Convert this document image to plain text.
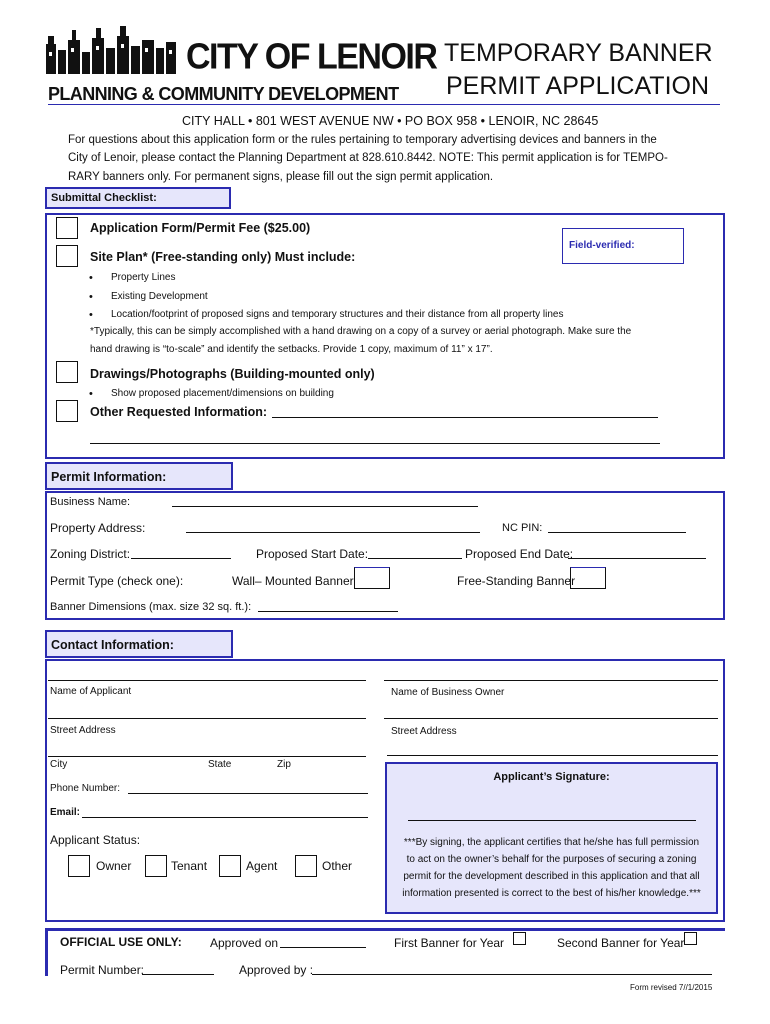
CITY OF LENOIR
PLANNING & COMMUNITY DEVELOPMENT
TEMPORARY BANNER
PERMIT APPLICATION
CITY HALL • 801 WEST AVENUE NW • PO BOX 958 • LENOIR, NC 28645
For questions about this application form or the rules pertaining to temporary advertising devices and banners in the
City of Lenoir, please contact the Planning Department at 828.610.8442. NOTE: This permit application is for TEMPO-
RARY banners only. For permanent signs, please fill out the sign permit application.
Submittal Checklist:
Application Form/Permit Fee ($25.00)
Field-verified:
Site Plan* (Free-standing only) Must include:
• Property Lines
• Existing Development
• Location/footprint of proposed signs and temporary structures and their distance from all property lines
*Typically, this can be simply accomplished with a hand drawing on a copy of a survey or aerial photograph. Make sure the
hand drawing is “to-scale” and identify the setbacks. Provide 1 copy, maximum of 11” x 17”.
Drawings/Photographs (Building-mounted only)
• Show proposed placement/dimensions on building
Other Requested Information:
Permit Information:
Business Name:
Property Address:	NC PIN:
Zoning District:	Proposed Start Date:	Proposed End Date:
Permit Type (check one):	Wall– Mounted Banner	Free-Standing Banner
Banner Dimensions (max. size 32 sq. ft.):
Contact Information:
Name of Applicant	Name of Business Owner
Street Address	Street Address
City	State	Zip
Phone Number:
Email:
Applicant Status:
Owner	Tenant	Agent	Other
Applicant’s Signature:
***By signing, the applicant certifies that he/she has full permission
to act on the owner’s behalf for the purposes of securing a zoning
permit for the development described in this application and that all
information presented is correct to the best of his/her knowledge.***
OFFICIAL USE ONLY: Approved on	First Banner for Year	Second Banner for Year
Permit Number:	Approved by :
Form revised 7//1/2015
